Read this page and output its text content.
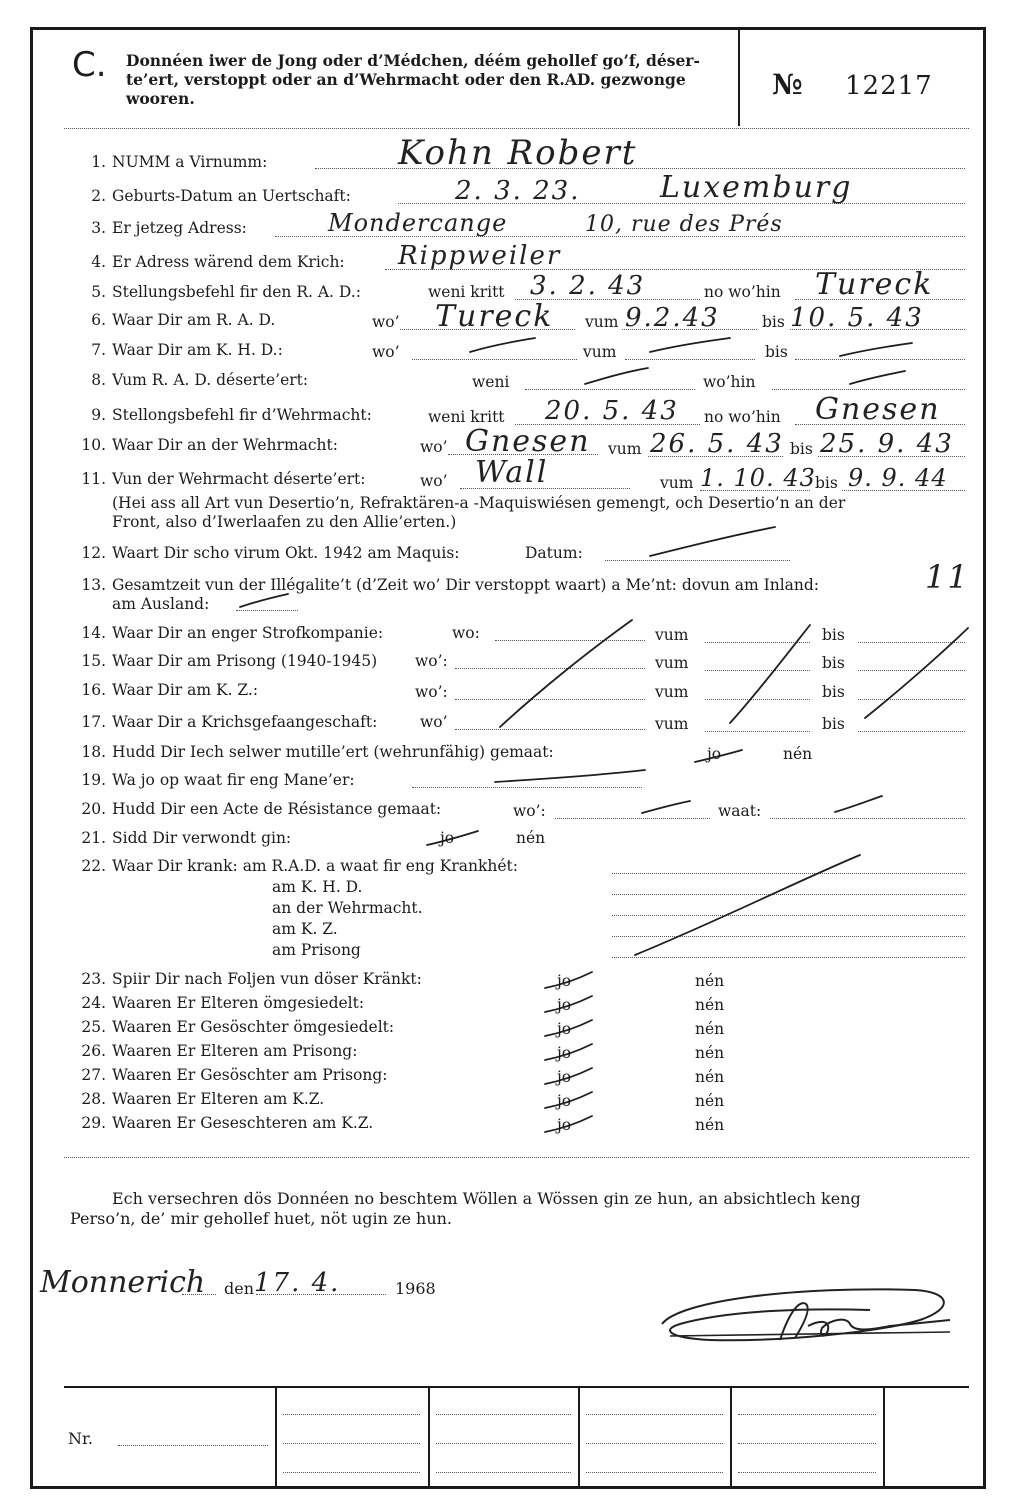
C. Donnéen iwer de Jong oder d’Médchen, déém gehollef go’f, déser-
te’ert, verstoppt oder an d’Wehrmacht oder den R.AD. gezwonge
wooren.	№ 12217
1. NUMM a Virnumm:	Kohn Robert
2. Geburts-Datum an Uertschaft:	2. 3. 23.	Luxemburg
3. Er jetzeg Adress:	Mondercange	10, rue des Prés
4. Er Adress wärend dem Krich: Rippweiler
5. Stellungsbefehl fir den R. A. D.:	weni kritt 3. 2. 43	no wo’hin Tureck
6. Waar Dir am R. A. D.	wo’ Tureck vum 9.2.43	bis 10. 5. 43
7. Waar Dir am K. H. D.:	wo’	vum	bis
8. Vum R. A. D. déserte’ert:	weni	wo’hin
9. Stellongsbefehl fir d’Wehrmacht:	weni kritt 20. 5. 43 no wo’hin Gnesen
10. Waar Dir an der Wehrmacht:	wo’ Gnesen vum 26. 5. 43 bis 25. 9. 43
11. Vun der Wehrmacht déserte’ert:	wo’ Wall	vum 1. 10. 43 bis 9. 9. 44
(Hei ass all Art vun Desertio’n, Refraktären-a -Maquiswiésen gemengt, och Desertio’n an der
Front, also d’Iwerlaafen zu den Allie’erten.)
12. Waart Dir scho virum Okt. 1942 am Maquis:	Datum:
13. Gesamtzeit vun der Illégalite’t (d’Zeit wo’ Dir verstoppt waart) a Me’nt: dovun am Inland:	11
am Ausland:
14. Waar Dir an enger Strofkompanie:	wo:	vum	bis
15. Waar Dir am Prisong (1940-1945) wo’:	vum	bis
16. Waar Dir am K. Z.:	wo’:	vum	bis
17. Waar Dir a Krichsgefaangeschaft:	wo’	vum	bis
18. Hudd Dir Iech selwer mutille’ert (wehrunfähig) gemaat:	jo	nén
19. Wa jo op waat fir eng Mane’er:
20. Hudd Dir een Acte de Résistance gemaat:	wo’:	waat:
21. Sidd Dir verwondt gin:	jo	nén
22. Waar Dir krank: am R.A.D. a waat fir eng Krankhét:
am K. H. D.
an der Wehrmacht.
am K. Z.
am Prisong
23. Spiir Dir nach Foljen vun döser Kränkt:	jo	nén
24. Waaren Er Elteren ömgesiedelt:	jo	nén
25. Waaren Er Gesöschter ömgesiedelt:	jo	nén
26. Waaren Er Elteren am Prisong:	jo	nén
27. Waaren Er Gesöschter am Prisong:	jo	nén
28. Waaren Er Elteren am K.Z.	jo	nén
29. Waaren Er Geseschteren am K.Z.	jo	nén
Ech versechren dös Donnéen no beschtem Wöllen a Wössen gin ze hun, an absichtlech keng
Perso’n, de’ mir gehollef huet, nöt ugin ze hun.
Monnerich den 17. 4.	1968
Nr.
